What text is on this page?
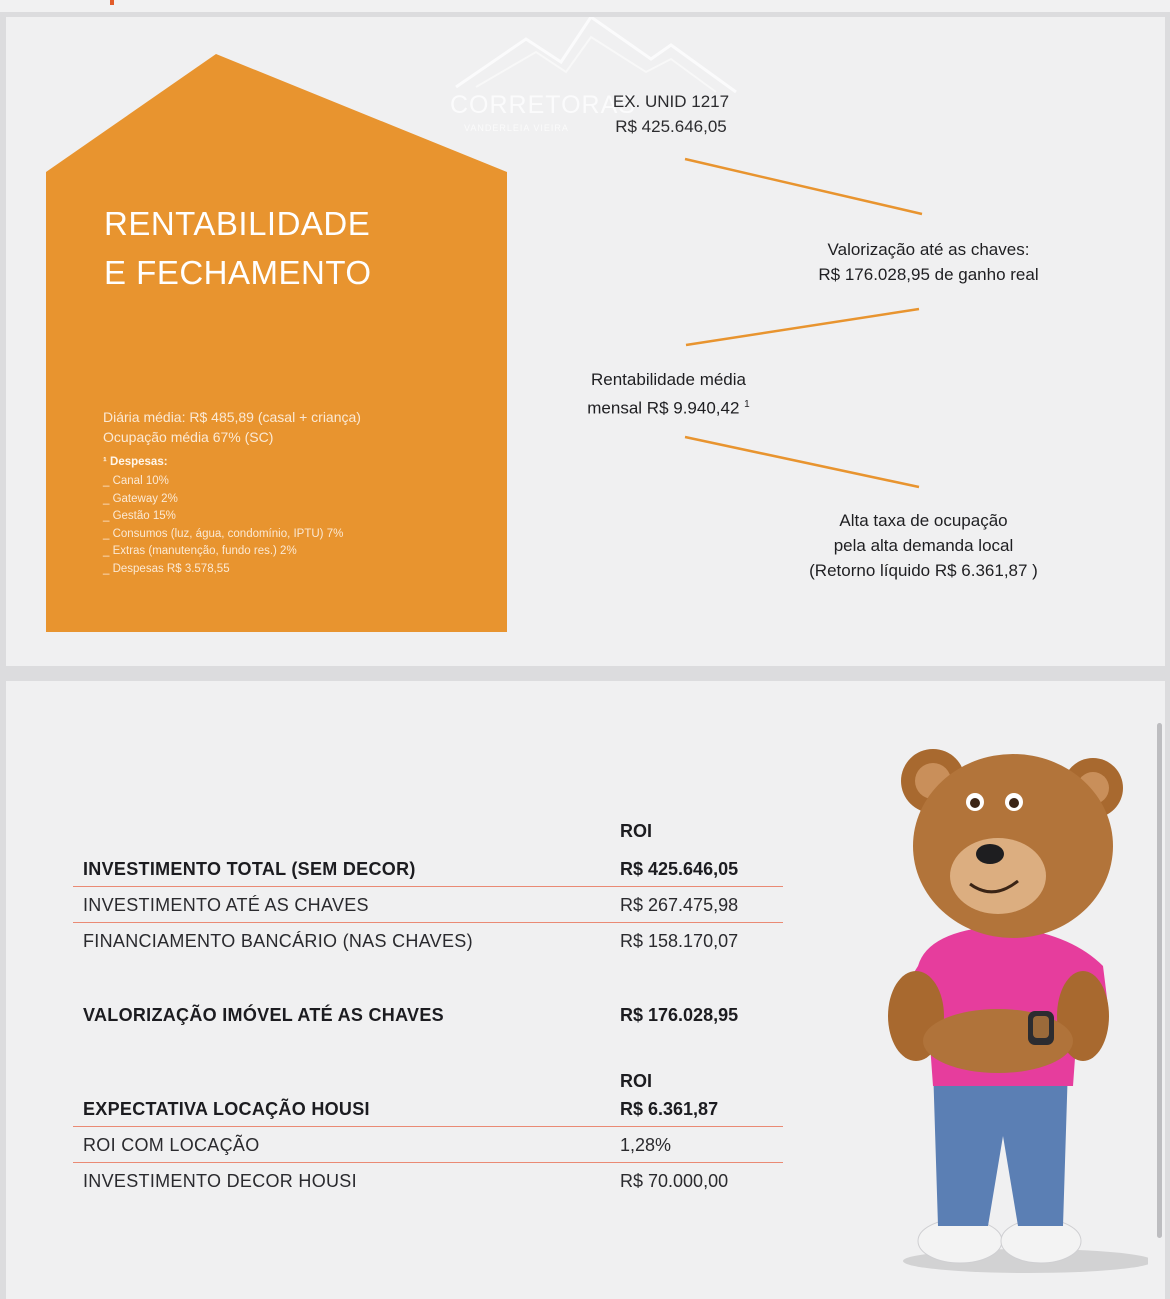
CORRETORAS
VANDERLEIA VIEIRA
RENTABILIDADE
E FECHAMENTO
Diária média: R$ 485,89 (casal + criança)
Ocupação média 67% (SC)
¹ Despesas:
_ Canal 10%
_ Gateway 2%
_ Gestão 15%
_ Consumos (luz, água, condomínio, IPTU) 7%
_ Extras (manutenção, fundo res.) 2%
_ Despesas R$ 3.578,55
EX. UNID 1217
R$ 425.646,05
Valorização até as chaves:
R$ 176.028,95 de ganho real
Rentabilidade média
mensal R$ 9.940,42 $^1$
Alta taxa de ocupação
pela alta demanda local
(Retorno líquido R$ 6.361,87 )
ROI
INVESTIMENTO TOTAL (SEM DECOR)	R$ 425.646,05
INVESTIMENTO ATÉ AS CHAVES	R$ 267.475,98
FINANCIAMENTO BANCÁRIO (NAS CHAVES)	R$ 158.170,07
VALORIZAÇÃO IMÓVEL ATÉ AS CHAVES	R$ 176.028,95
ROI
EXPECTATIVA LOCAÇÃO HOUSI	R$ 6.361,87
ROI COM LOCAÇÃO	1,28%
INVESTIMENTO DECOR HOUSI	R$ 70.000,00
